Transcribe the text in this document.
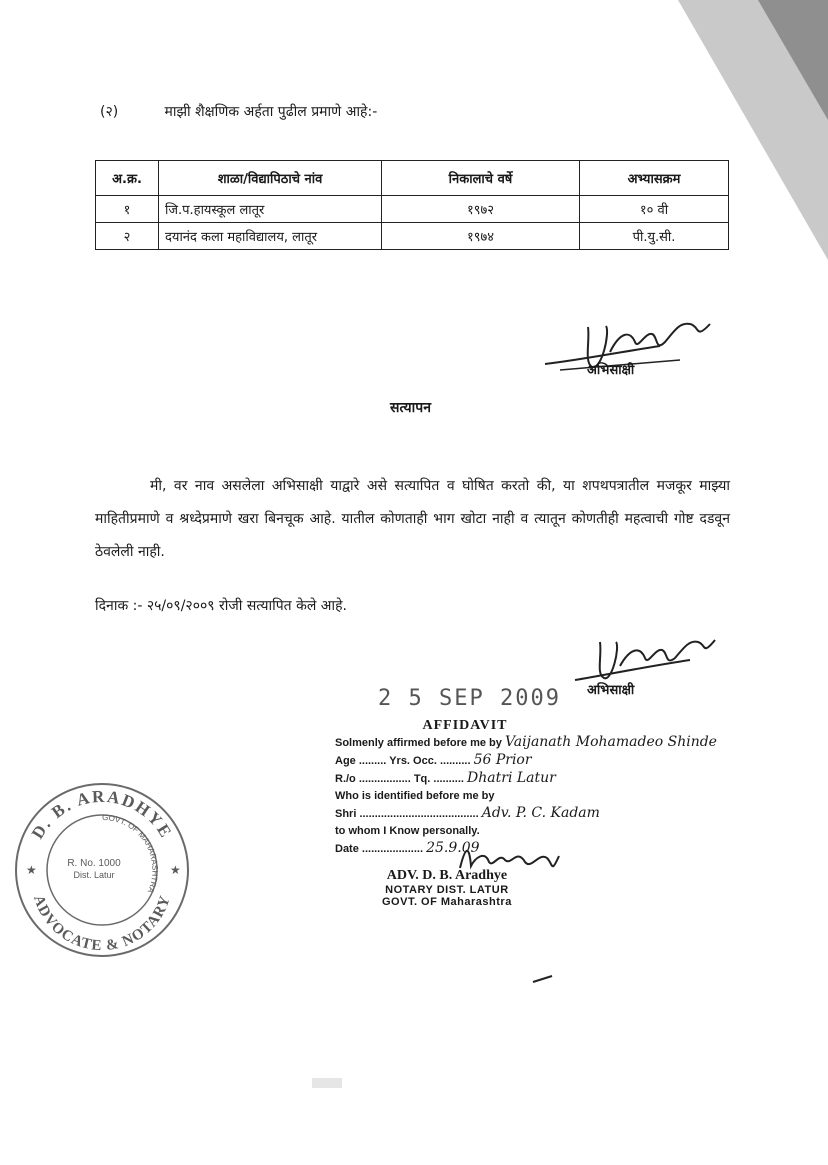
(२)	माझी शैक्षणिक अर्हता पुढील प्रमाणे आहे:-
अ.क्र.	शाळा/विद्यापिठाचे नांव	निकालाचे वर्षे	अभ्यासक्रम
१	जि.प.हायस्कूल लातूर	१९७२	१० वी
२	दयानंद कला महाविद्यालय, लातूर	१९७४	पी.यु.सी.
अभिसाक्षी
सत्यापन
मी, वर नाव असलेला अभिसाक्षी याद्वारे असे सत्यापित व घोषित करतो की, या शपथपत्रातील मजकूर माझ्या माहितीप्रमाणे व श्रध्देप्रमाणे खरा बिनचूक आहे. यातील कोणताही भाग खोटा नाही व त्यातून कोणतीही महत्वाची गोष्ट दडवून ठेवलेली नाही.
दिनाक :- २५/०९/२००९ रोजी सत्यापित केले आहे.
अभिसाक्षी
2 5 SEP 2009
AFFIDAVIT
Solmenly affirmed before me by Vaijanath Mohamadeo Shinde
Age ......... Yrs. Occ. .......... 56 Prior
R./o ................. Tq. .......... Dhatri Latur
Who is identified before me by
Shri ....................................... Adv. P. C. Kadam
to whom I Know personally.
Date .................... 25.9.09
ADV. D. B. Aradhye
NOTARY DIST. LATUR
GOVT. OF Maharashtra
D. B. ARADHYE
ADVOCATE & NOTARY
GOVT. OF MAHARASHTRA
★	★
R. No. 1000
Dist. Latur
